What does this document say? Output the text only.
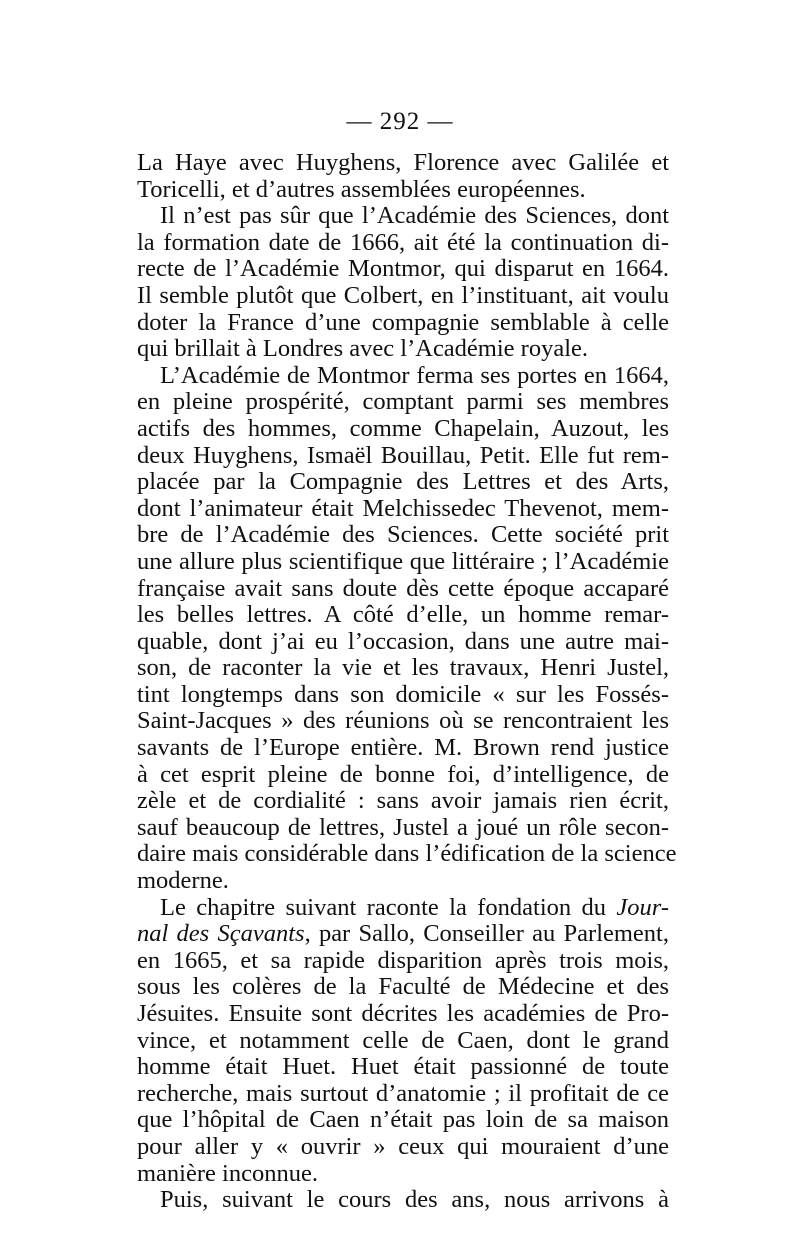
— 292 —
La Haye avec Huyghens, Florence avec Galilée et
Toricelli, et d’autres assemblées européennes.
Il n’est pas sûr que l’Académie des Sciences, dont
la formation date de 1666, ait été la continuation di-
recte de l’Académie Montmor, qui disparut en 1664.
Il semble plutôt que Colbert, en l’instituant, ait voulu
doter la France d’une compagnie semblable à celle
qui brillait à Londres avec l’Académie royale.
L’Académie de Montmor ferma ses portes en 1664,
en pleine prospérité, comptant parmi ses membres
actifs des hommes, comme Chapelain, Auzout, les
deux Huyghens, Ismaël Bouillau, Petit. Elle fut rem-
placée par la Compagnie des Lettres et des Arts,
dont l’animateur était Melchissedec Thevenot, mem-
bre de l’Académie des Sciences. Cette société prit
une allure plus scientifique que littéraire ; l’Académie
française avait sans doute dès cette époque accaparé
les belles lettres. A côté d’elle, un homme remar-
quable, dont j’ai eu l’occasion, dans une autre mai-
son, de raconter la vie et les travaux, Henri Justel,
tint longtemps dans son domicile « sur les Fossés-
Saint-Jacques » des réunions où se rencontraient les
savants de l’Europe entière. M. Brown rend justice
à cet esprit pleine de bonne foi, d’intelligence, de
zèle et de cordialité : sans avoir jamais rien écrit,
sauf beaucoup de lettres, Justel a joué un rôle secon-
daire mais considérable dans l’édification de la science
moderne.
Le chapitre suivant raconte la fondation du Jour-
nal des Sçavants, par Sallo, Conseiller au Parlement,
en 1665, et sa rapide disparition après trois mois,
sous les colères de la Faculté de Médecine et des
Jésuites. Ensuite sont décrites les académies de Pro-
vince, et notamment celle de Caen, dont le grand
homme était Huet. Huet était passionné de toute
recherche, mais surtout d’anatomie ; il profitait de ce
que l’hôpital de Caen n’était pas loin de sa maison
pour aller y « ouvrir » ceux qui mouraient d’une
manière inconnue.
Puis, suivant le cours des ans, nous arrivons à
